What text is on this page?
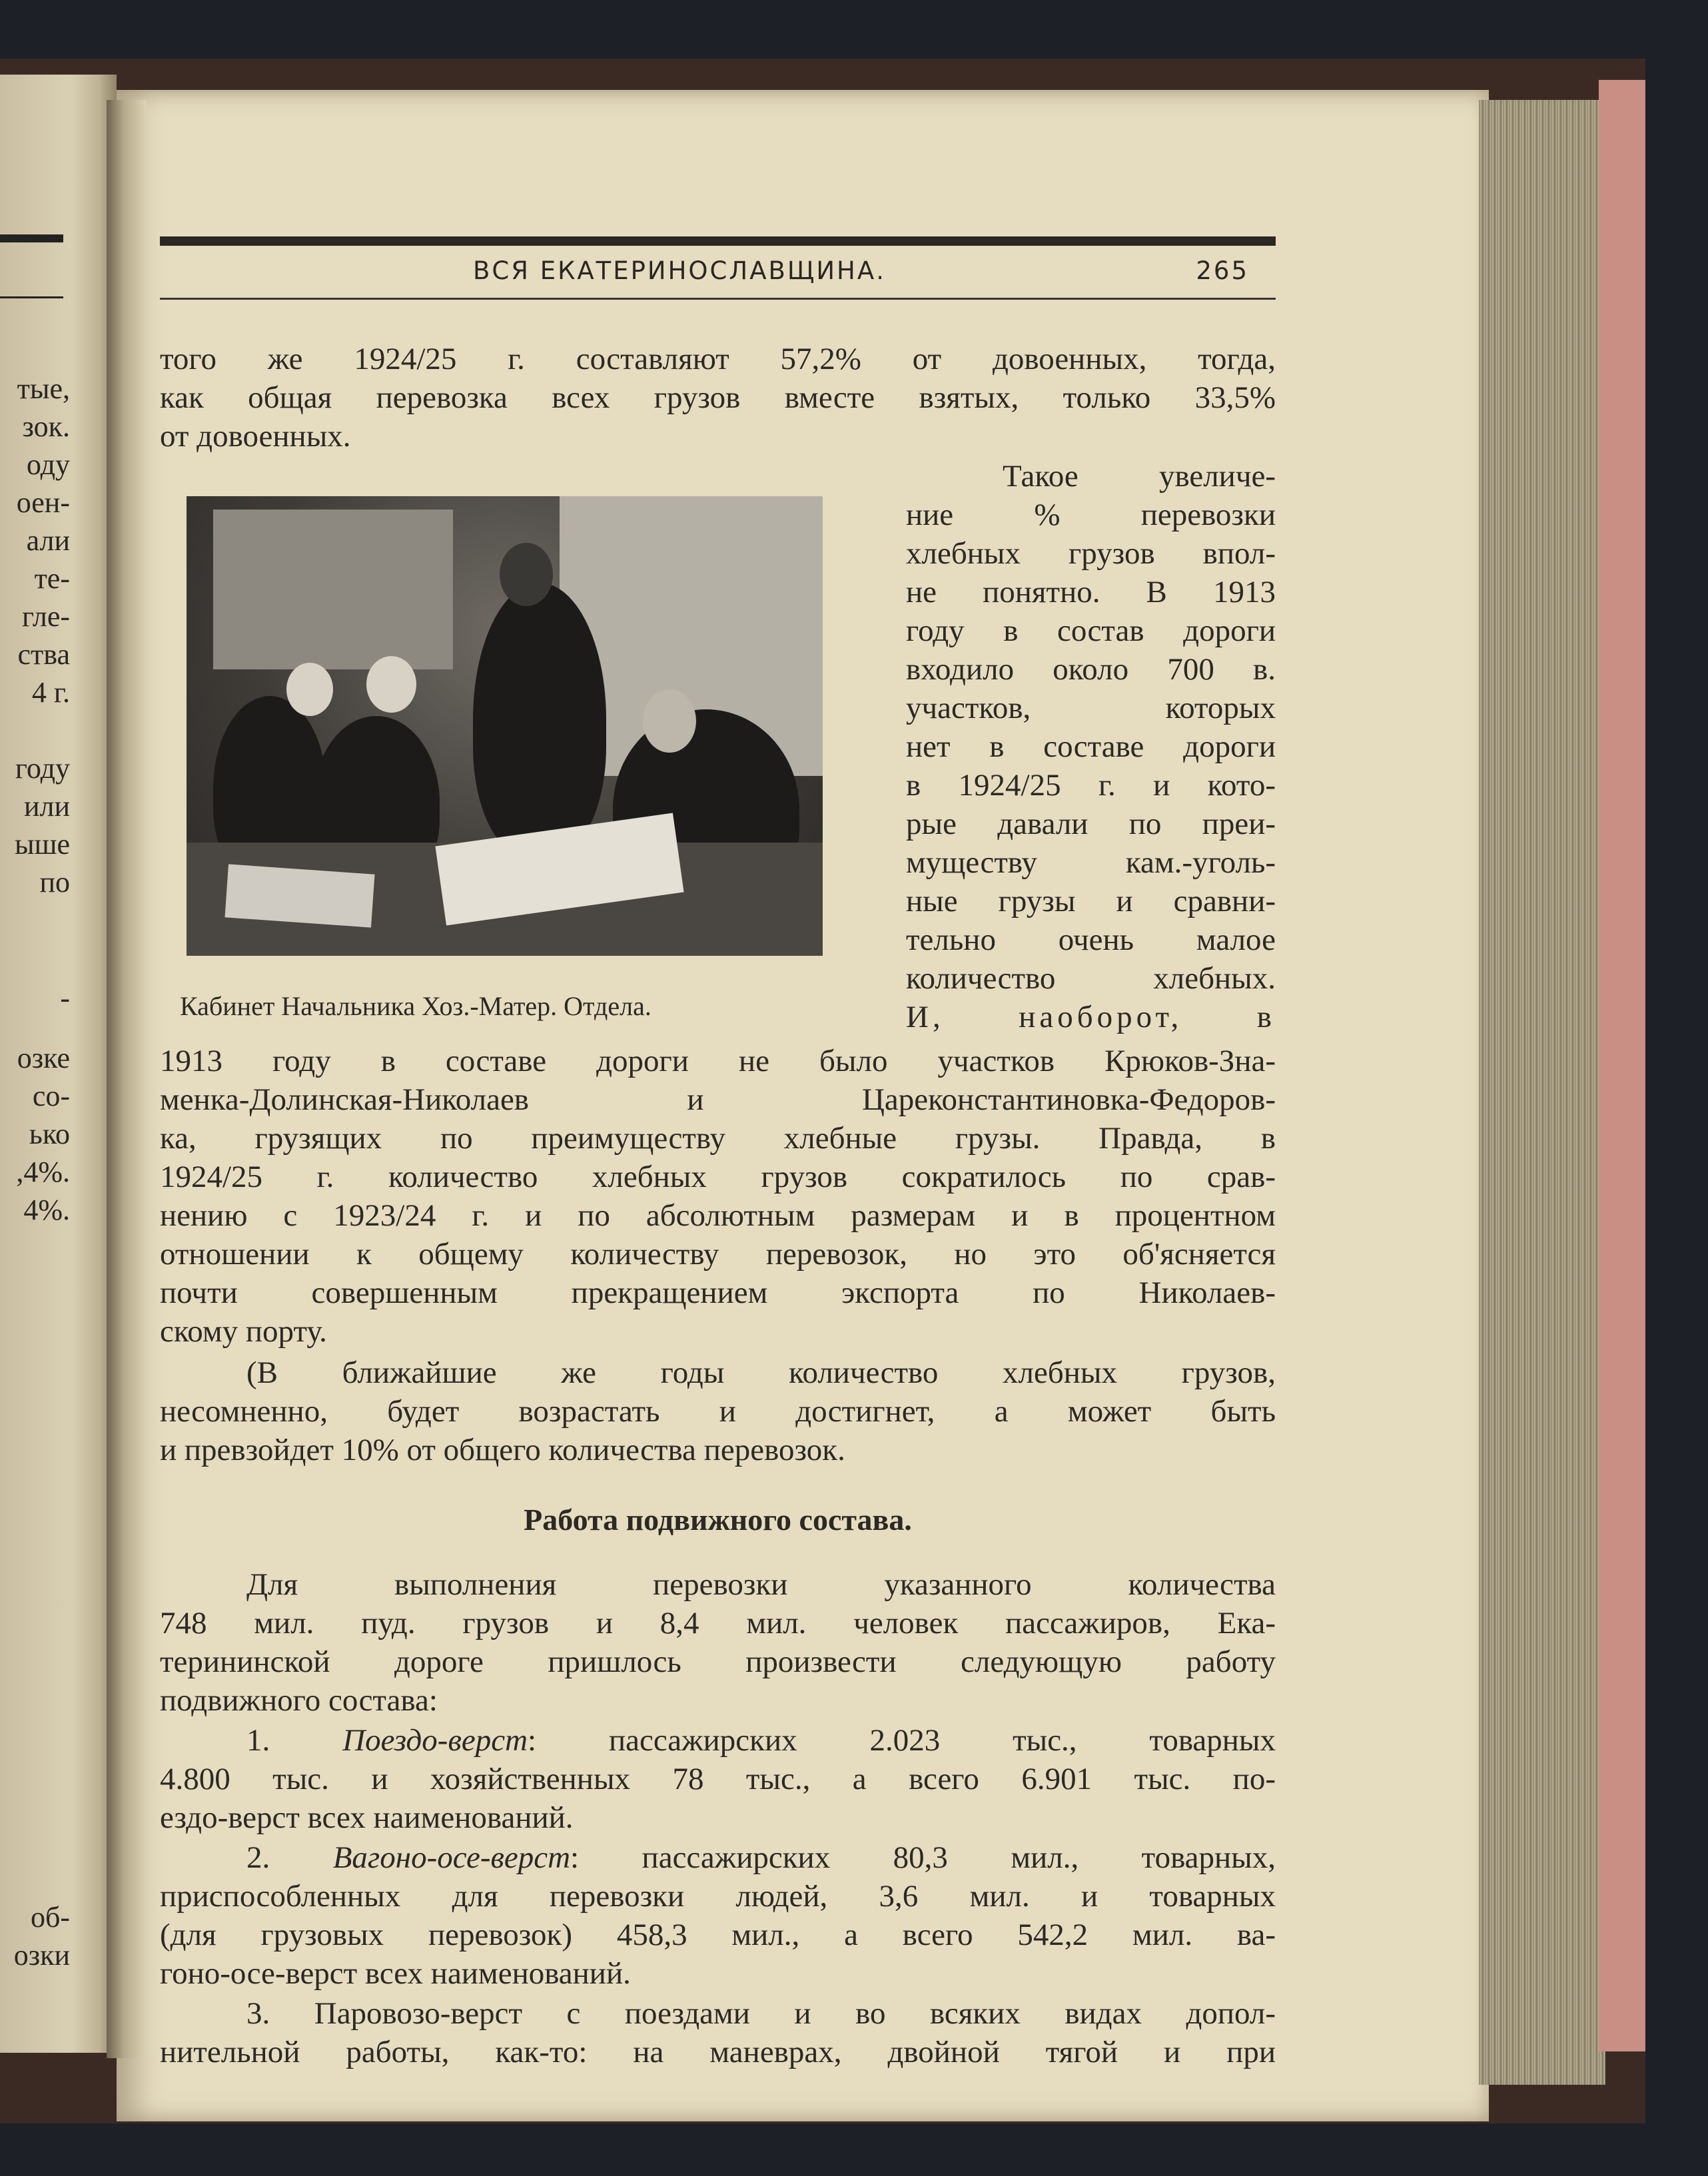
тые,
зок.
оду
оен-
али
те-
гле-
ства
4 г.
году
или
ыше
по
-
озке
со-
ько
,4%.
4%.
об-
озки
ВСЯ ЕКАТЕРИНОСЛАВЩИНА.	265
того же 1924/25 г. составляют 57,2% от довоенных, тогда,
как общая перевозка всех грузов вместе взятых, только 33,5%
от довоенных.
Такое увеличе-
ние % перевозки
хлебных грузов впол-
не понятно. В 1913
году в состав дороги
входило около 700 в.
участков, которых
нет в составе дороги
в 1924/25 г. и кото-
рые давали по преи-
муществу кам.-уголь-
ные грузы и сравни-
тельно очень малое
количество хлебных.
И, наоборот, в
1913 году в составе дороги не было участков Крюков-Зна-
менка-Долинская-Николаев и Цареконстантиновка-Федоров-
ка, грузящих по преимуществу хлебные грузы. Правда, в
1924/25 г. количество хлебных грузов сократилось по срав-
нению с 1923/24 г. и по абсолютным размерам и в процентном
отношении к общему количеству перевозок, но это об'ясняется
почти совершенным прекращением экспорта по Николаев-
скому порту.
(В ближайшие же годы количество хлебных грузов,
несомненно, будет возрастать и достигнет, а может быть
и превзойдет 10% от общего количества перевозок.
Для выполнения перевозки указанного количества
748 мил. пуд. грузов и 8,4 мил. человек пассажиров, Ека-
терининской дороге пришлось произвести следующую работу
подвижного состава:
1. Поездо-верст: пассажирских 2.023 тыс., товарных
4.800 тыс. и хозяйственных 78 тыс., а всего 6.901 тыс. по-
ездо-верст всех наименований.
2. Вагоно-осе-верст: пассажирских 80,3 мил., товарных,
приспособленных для перевозки людей, 3,6 мил. и товарных
(для грузовых перевозок) 458,3 мил., а всего 542,2 мил. ва-
гоно-осе-верст всех наименований.
3. Паровозо-верст с поездами и во всяких видах допол-
нительной работы, как-то: на маневрах, двойной тягой и при
Кабинет Начальника Хоз.-Матер. Отдела.
Работа подвижного состава.
